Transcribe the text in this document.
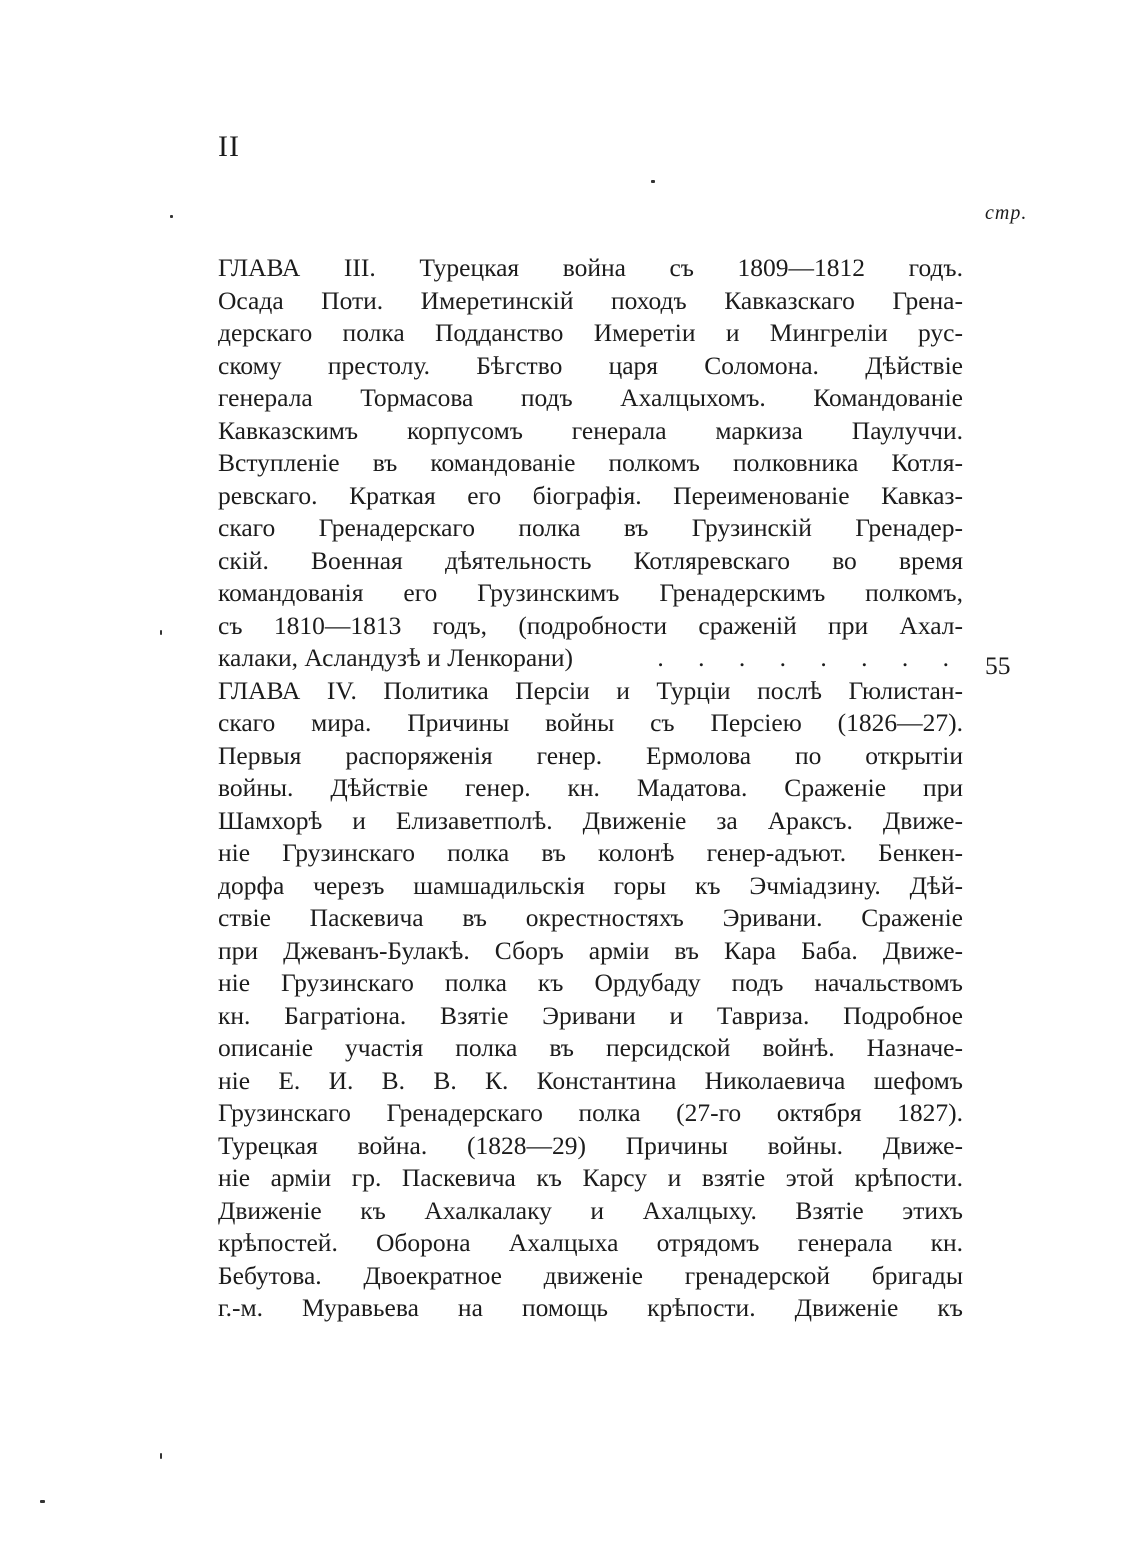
II
стр.
ГЛАВА III. Турецкая война съ 1809—1812 годъ.
Осада Поти. Имеретинскій походъ Кавказскаго Грена-
дерскаго полка Подданство Имеретіи и Мингреліи рус-
скому престолу. Бѣгство царя Соломона. Дѣйствіе
генерала Тормасова подъ Ахалцыхомъ. Командованіе
Кавказскимъ корпусомъ генерала маркиза Паулуччи.
Вступленіе въ командованіе полкомъ полковника Котля-
ревскаго. Краткая его біографія. Переименованіе Кавказ-
скаго Гренадерскаго полка въ Грузинскій Гренадер-
скій. Военная дѣятельность Котляревскаго во время
командованія его Грузинскимъ Гренадерскимъ полкомъ,
съ 1810—1813 годъ, (подробности сраженій при Ахал-
калаки, Асландузѣ и Ленкорани)	. . . . . . . .
ГЛАВА IV. Политика Персіи и Турціи послѣ Гюлистан-
скаго мира. Причины войны съ Персіею (1826—27).
Первыя распоряженія генер. Ермолова по открытіи
войны. Дѣйствіе генер. кн. Мадатова. Сраженіе при
Шамхорѣ и Елизаветполѣ. Движеніе за Араксъ. Движе-
ніе Грузинскаго полка въ колонѣ генер-адъют. Бенкен-
дорфа черезъ шамшадильскія горы къ Эчміадзину. Дѣй-
ствіе Паскевича въ окрестностяхъ Эривани. Сраженіе
при Джеванъ-Булакѣ. Сборъ арміи въ Кара Баба. Движе-
ніе Грузинскаго полка къ Ордубаду подъ начальствомъ
кн. Багратіона. Взятіе Эривани и Тавриза. Подробное
описаніе участія полка въ персидской войнѣ. Назначе-
ніе Е. И. В. В. К. Константина Николаевича шефомъ
Грузинскаго Гренадерскаго полка (27-го октября 1827).
Турецкая война. (1828—29) Причины войны. Движе-
ніе арміи гр. Паскевича къ Карсу и взятіе этой крѣпости.
Движеніе къ Ахалкалаку и Ахалцыху. Взятіе этихъ
крѣпостей. Оборона Ахалцыха отрядомъ генерала кн.
Бебутова. Двоекратное движеніе гренадерской бригады
г.-м. Муравьева на помощь крѣпости. Движеніе къ
55
